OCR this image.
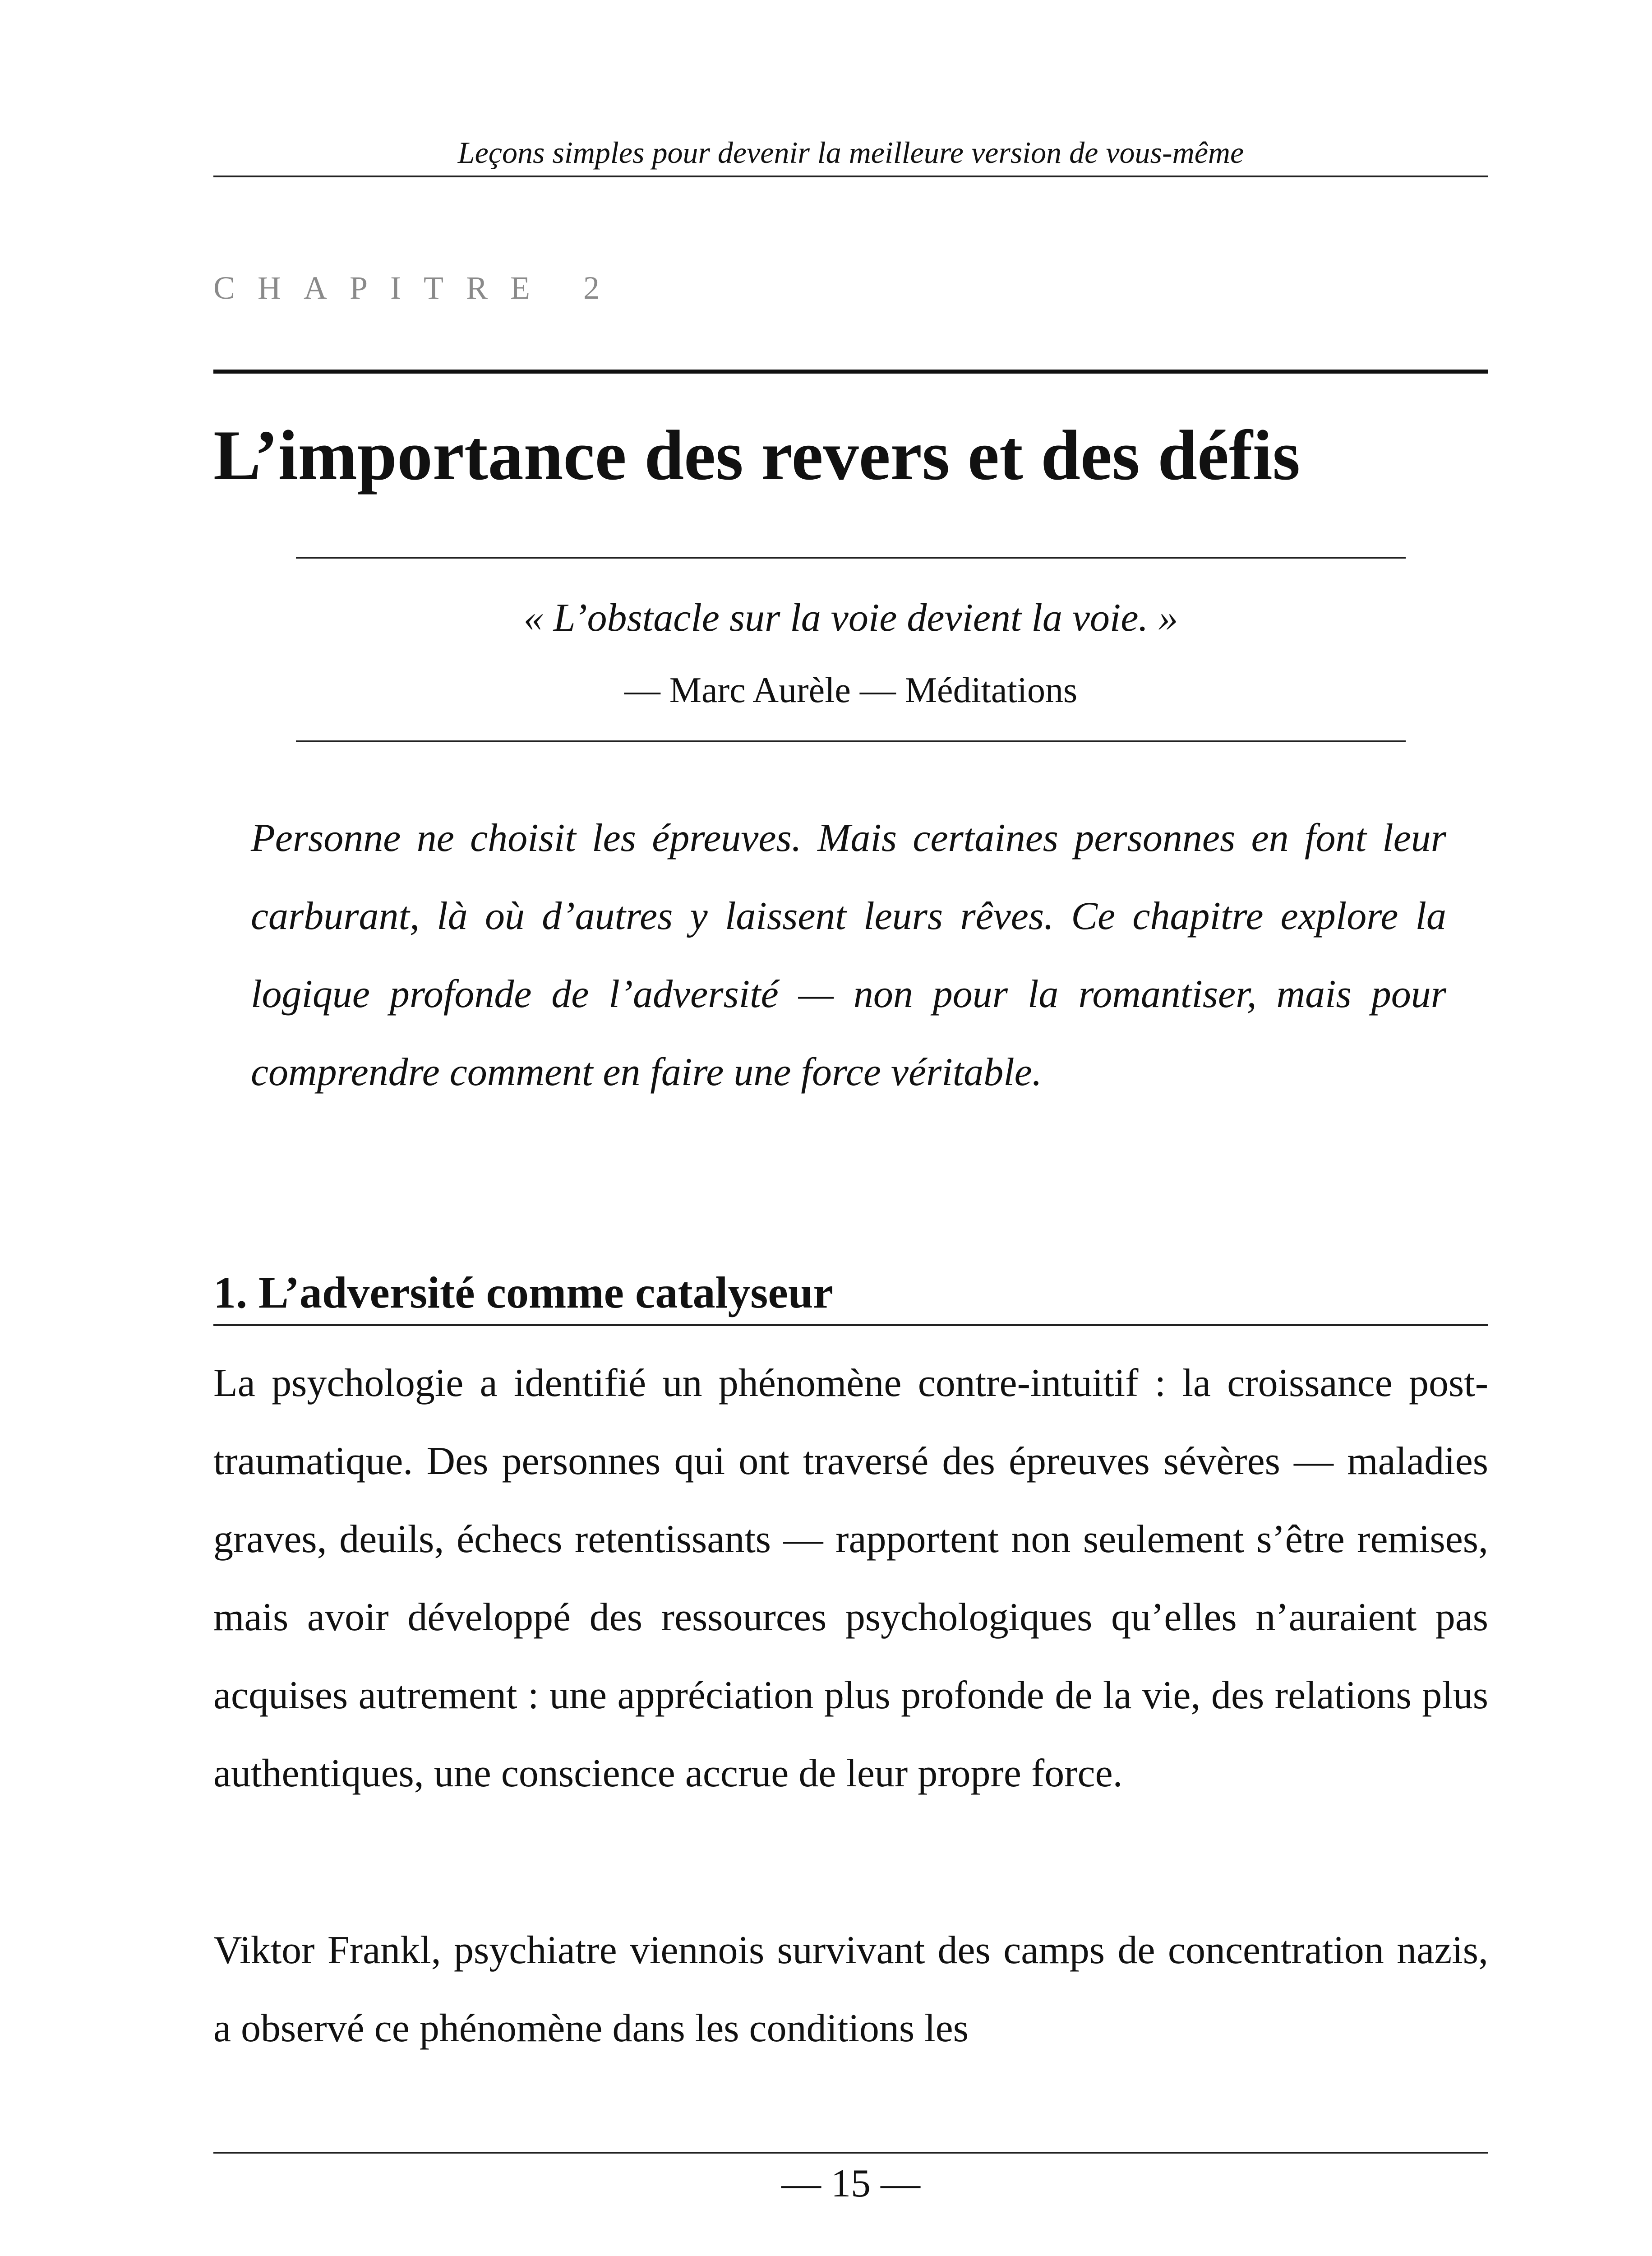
Leçons simples pour devenir la meilleure version de vous-même
CHAPITRE 2
L’importance des revers et des défis
« L’obstacle sur la voie devient la voie. »
— Marc Aurèle — Méditations

Personne ne choisit les épreuves. Mais certaines personnes en font leur carburant, là où d’autres y laissent leurs rêves. Ce chapitre explore la logique profonde de l’adversité — non pour la romantiser, mais pour comprendre comment en faire une force véritable.

1. L’adversité comme catalyseur

La psychologie a identifié un phénomène contre-intuitif : la croissance post-traumatique. Des personnes qui ont traversé des épreuves sévères — maladies graves, deuils, échecs retentissants — rapportent non seulement s’être remises, mais avoir développé des ressources psychologiques qu’elles n’auraient pas acquises autrement : une appréciation plus profonde de la vie, des relations plus authentiques, une conscience accrue de leur propre force.

Viktor Frankl, psychiatre viennois survivant des camps de concentration nazis, a observé ce phénomène dans les conditions les

— 15 —
